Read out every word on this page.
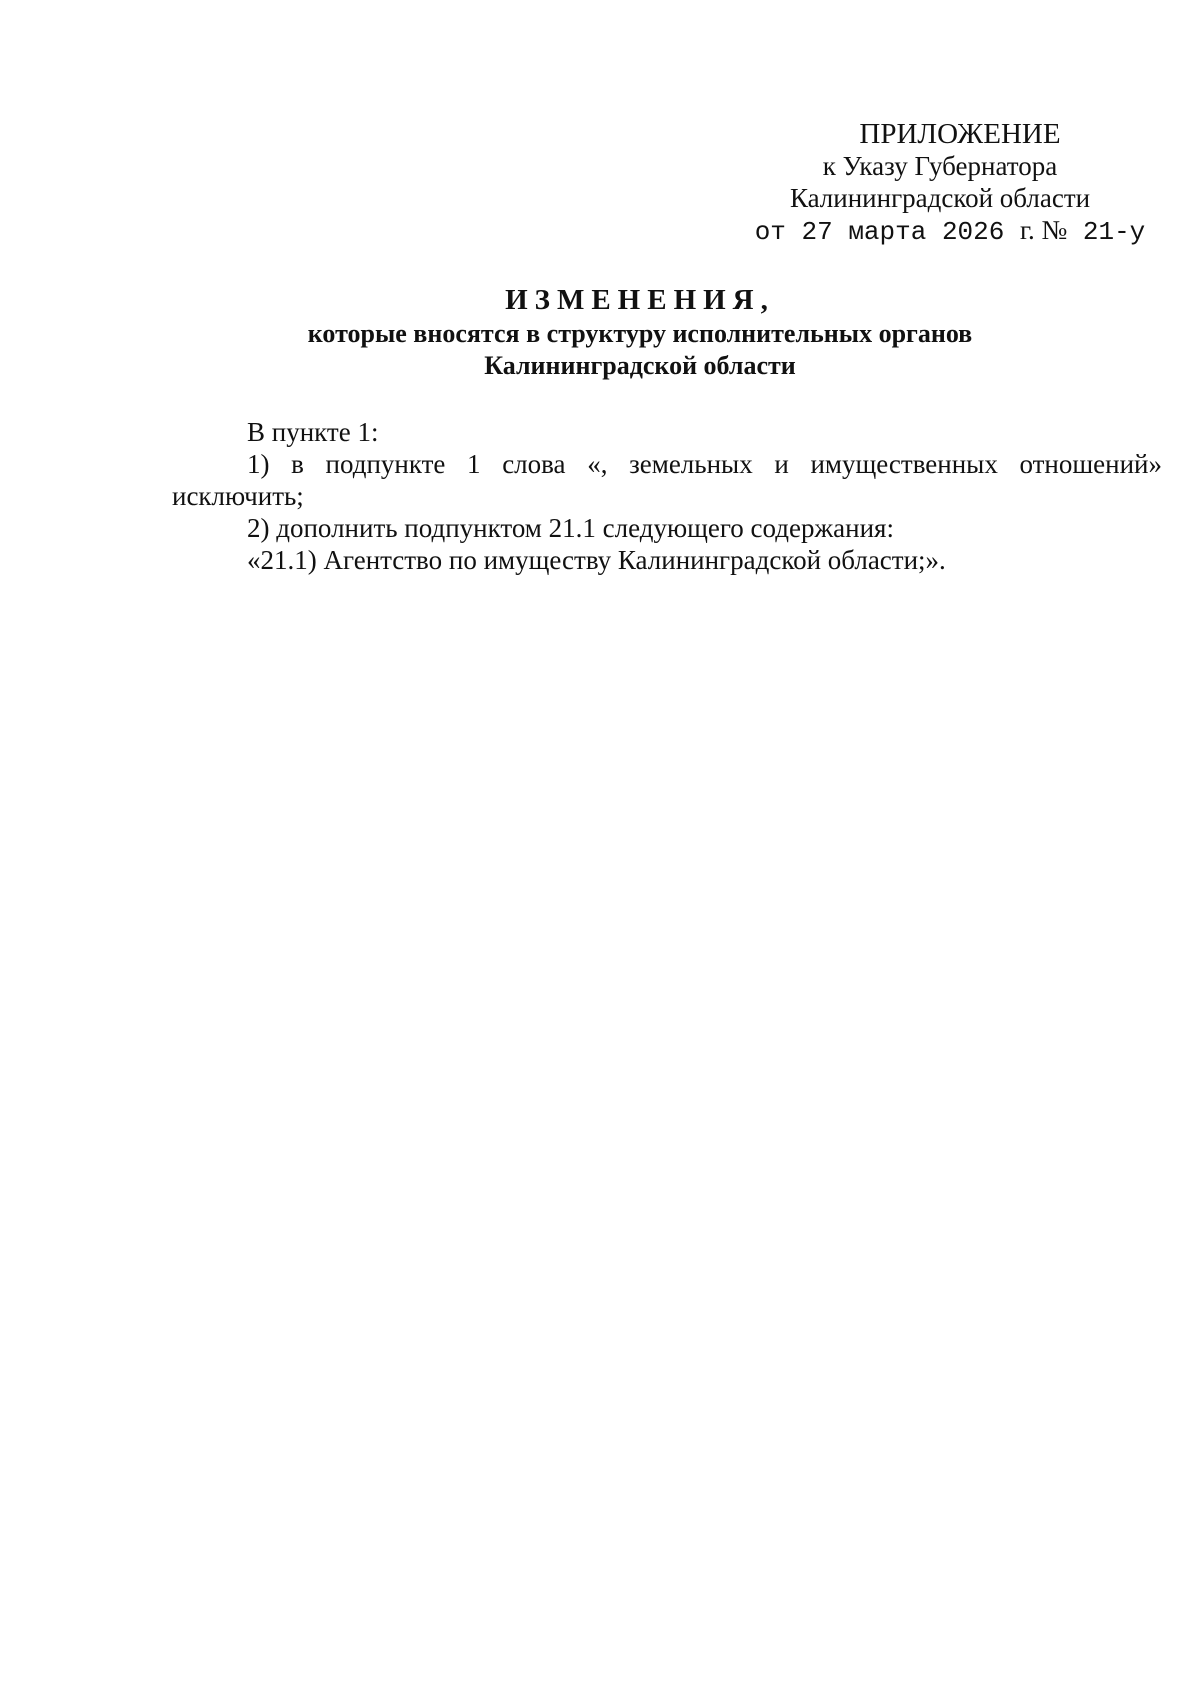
ПРИЛОЖЕНИЕ
к Указу Губернатора
Калининградской области
от 27 марта 2026 г. № 21-у
ИЗМЕНЕНИЯ,
которые вносятся в структуру исполнительных органов
Калининградской области

В пункте 1:

1) в подпункте 1 слова «, земельных и имущественных отношений» исключить;

2) дополнить подпунктом 21.1 следующего содержания:

«21.1) Агентство по имуществу Калининградской области;».
